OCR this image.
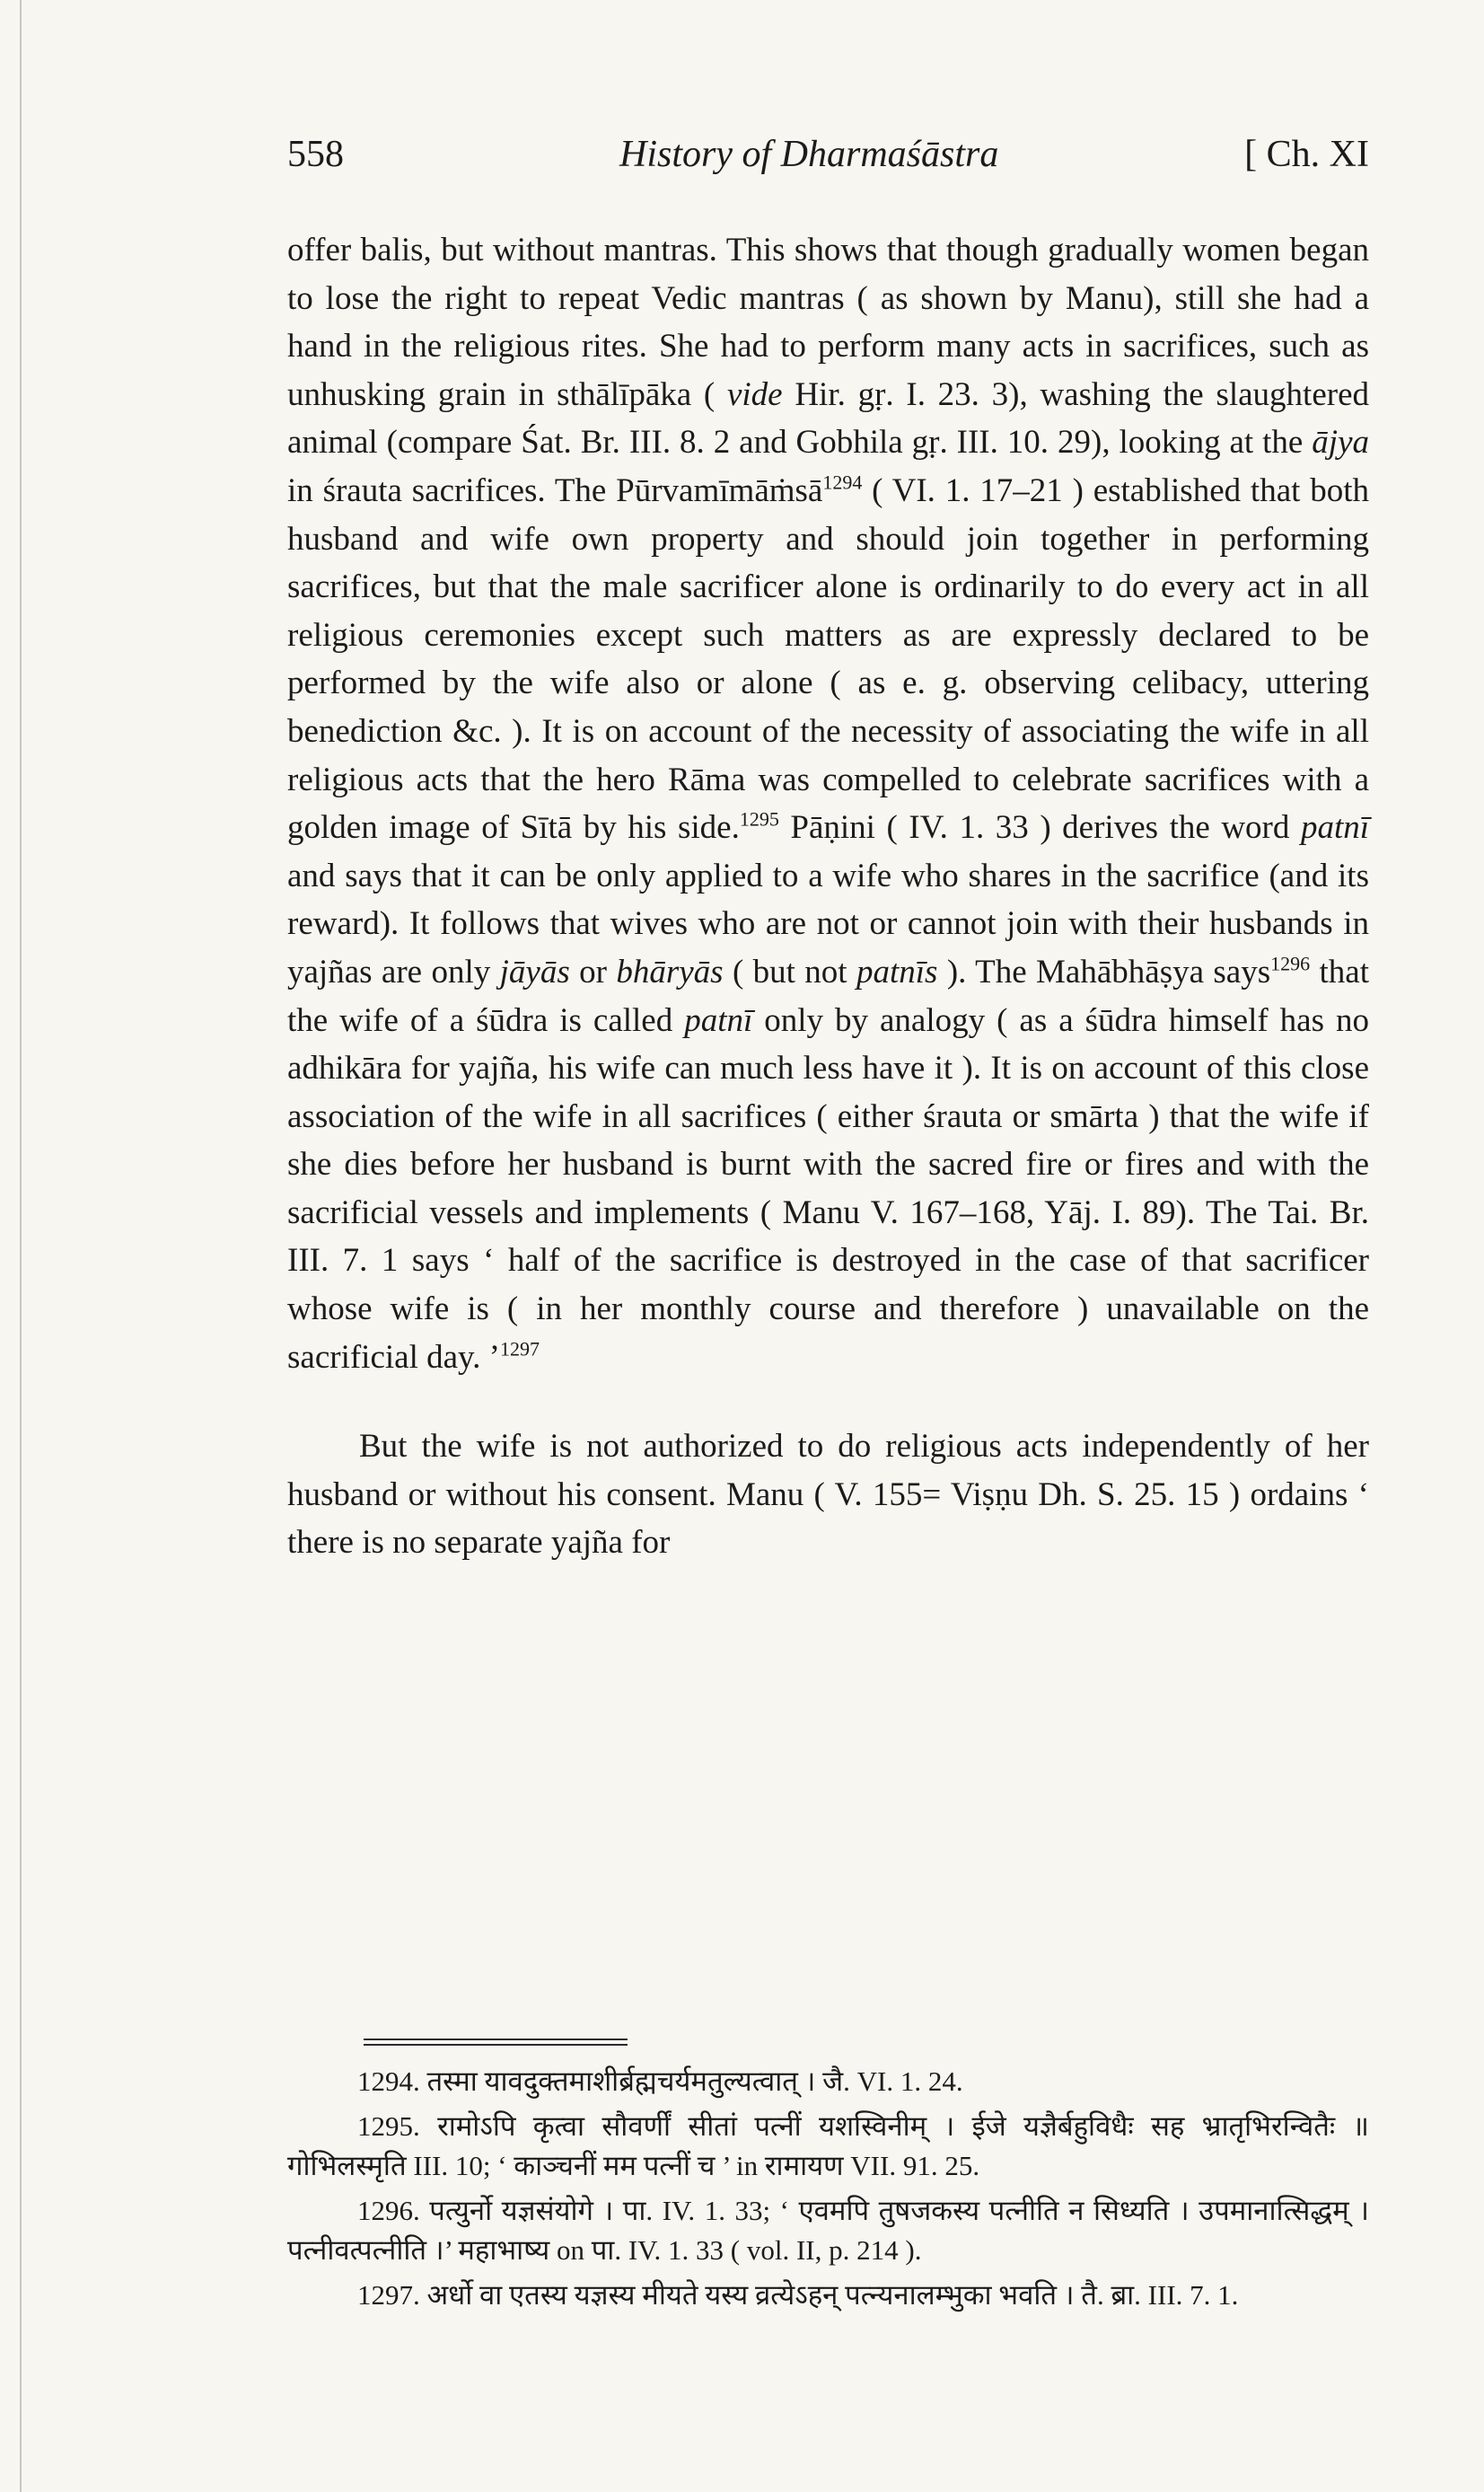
558	History of Dharmaśāstra	[ Ch. XI

offer balis, but without mantras. This shows that though gradually women began to lose the right to repeat Vedic mantras ( as shown by Manu), still she had a hand in the religious rites. She had to perform many acts in sacrifices, such as unhusking grain in sthālīpāka ( vide Hir. gṛ. I. 23. 3), washing the slaughtered animal (compare Śat. Br. III. 8. 2 and Gobhila gṛ. III. 10. 29), looking at the ājya in śrauta sacrifices. The Pūrvamīmāṁsā$^{1294}$ ( VI. 1. 17–21 ) established that both husband and wife own property and should join together in performing sacrifices, but that the male sacrificer alone is ordinarily to do every act in all religious ceremonies except such matters as are expressly declared to be performed by the wife also or alone ( as e. g. observing celibacy, uttering benediction &c. ). It is on account of the necessity of associating the wife in all religious acts that the hero Rāma was compelled to celebrate sacrifices with a golden image of Sītā by his side.$^{1295}$ Pāṇini ( IV. 1. 33 ) derives the word patnī and says that it can be only applied to a wife who shares in the sacrifice (and its reward). It follows that wives who are not or cannot join with their husbands in yajñas are only jāyās or bhāryās ( but not patnīs ). The Mahābhāṣya says$^{1296}$ that the wife of a śūdra is called patnī only by analogy ( as a śūdra himself has no adhikāra for yajña, his wife can much less have it ). It is on account of this close association of the wife in all sacrifices ( either śrauta or smārta ) that the wife if she dies before her husband is burnt with the sacred fire or fires and with the sacrificial vessels and implements ( Manu V. 167–168, Yāj. I. 89). The Tai. Br. III. 7. 1 says ‘ half of the sacrifice is destroyed in the case of that sacrificer whose wife is ( in her monthly course and therefore ) unavailable on the sacrificial day. ’$^{1297}$

But the wife is not authorized to do religious acts independently of her husband or without his consent. Manu ( V. 155= Viṣṇu Dh. S. 25. 15 ) ordains ‘ there is no separate yajña for

1294. तस्मा यावदुक्तमाशीर्ब्रह्मचर्यमतुल्यत्वात् । जै. VI. 1. 24.

1295. रामोऽपि कृत्वा सौवर्णीं सीतां पत्नीं यशस्विनीम् । ईजे यज्ञैर्बहुविधैः सह भ्रातृभिरन्वितैः ॥ गोभिलस्मृति III. 10; ‘ काञ्चनीं मम पत्नीं च ’ in रामायण VII. 91. 25.

1296. पत्युर्नो यज्ञसंयोगे । पा. IV. 1. 33; ‘ एवमपि तुषजकस्य पत्नीति न सिध्यति । उपमानात्सिद्धम् । पत्नीवत्पत्नीति ।’ महाभाष्य on पा. IV. 1. 33 ( vol. II, p. 214 ).

1297. अर्धो वा एतस्य यज्ञस्य मीयते यस्य व्रत्येऽहन् पत्न्यनालम्भुका भवति । तै. ब्रा. III. 7. 1.
